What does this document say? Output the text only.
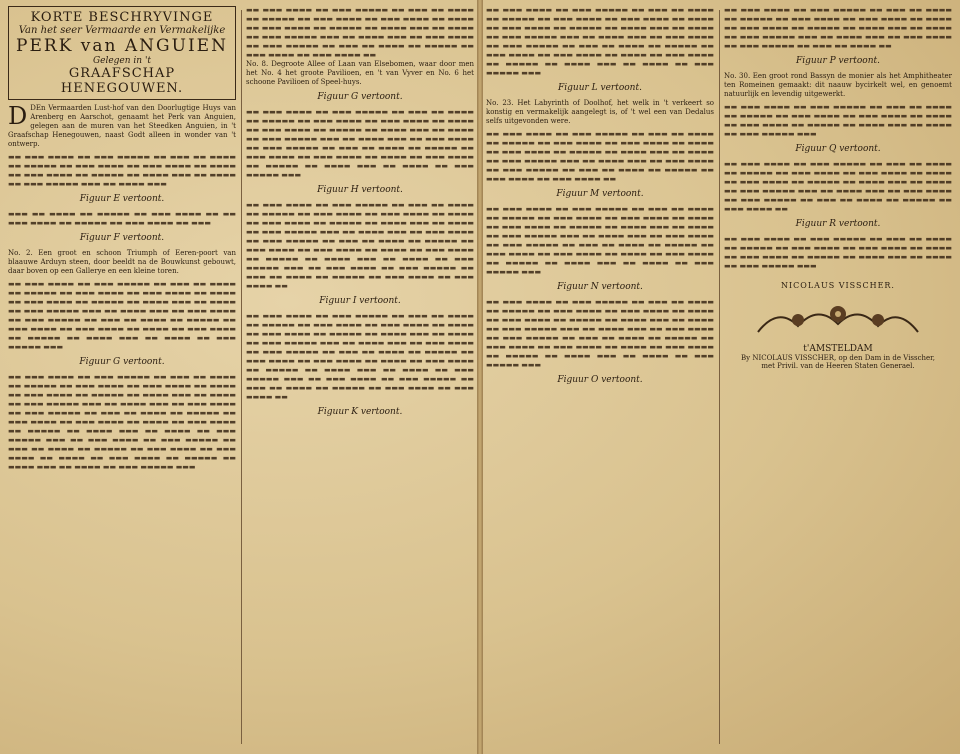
KORTE BESCHRYVINGE
Van het seer Vermaarde en Vermakelijke
PERK van ANGUIEN
Gelegen in 't
GRAAFSCHAP HENEGOUWEN.

D DEn Vermaarden Lust-hof van den Doorlugtige Huys van Arenberg en Aarschot, genaamt het Perk van Anguien, gelegen aan de muren van het Steedken Anguien, in 't Graafschap Henegouwen, naast Godt alleen in wonder van 't ontwerp.

▬▬ ▬▬▬ ▬▬▬▬ ▬▬ ▬▬▬ ▬▬▬▬▬ ▬▬ ▬▬▬ ▬▬ ▬▬▬▬ ▬▬ ▬▬▬▬▬ ▬▬ ▬▬▬ ▬▬▬▬ ▬▬ ▬▬▬ ▬▬▬▬ ▬▬ ▬▬▬▬ ▬▬ ▬▬▬ ▬▬▬▬ ▬▬ ▬▬▬▬▬ ▬▬ ▬▬▬▬ ▬▬▬ ▬▬ ▬▬▬▬ ▬▬ ▬▬▬ ▬▬▬▬▬ ▬▬▬ ▬▬ ▬▬▬▬ ▬▬▬
Figuur E vertoont.
▬▬▬ ▬▬ ▬▬▬▬ ▬▬ ▬▬▬▬▬ ▬▬ ▬▬▬ ▬▬▬▬ ▬▬ ▬▬ ▬▬▬ ▬▬▬▬ ▬▬ ▬▬▬▬▬ ▬▬ ▬▬▬ ▬▬▬▬ ▬▬ ▬▬▬
Figuur F vertoont.

No. 2. Een groot en schoon Triumph of Eeren-poort van blaauwe Arduyn steen, door beeldt na de Bouwkunst gebouwt, daar boven op een Gallerye en een kleine toren.

▬▬ ▬▬▬ ▬▬▬▬ ▬▬ ▬▬▬ ▬▬▬▬▬ ▬▬ ▬▬▬ ▬▬ ▬▬▬▬ ▬▬ ▬▬▬▬▬ ▬▬ ▬▬▬ ▬▬▬▬ ▬▬ ▬▬▬ ▬▬▬▬ ▬▬ ▬▬▬▬ ▬▬ ▬▬▬ ▬▬▬▬ ▬▬ ▬▬▬▬▬ ▬▬ ▬▬▬▬ ▬▬▬ ▬▬ ▬▬▬▬ ▬▬ ▬▬▬ ▬▬▬▬▬ ▬▬▬ ▬▬ ▬▬▬▬ ▬▬▬ ▬▬ ▬▬▬ ▬▬▬▬ ▬▬ ▬▬▬ ▬▬▬▬▬ ▬▬ ▬▬▬ ▬▬ ▬▬▬▬ ▬▬ ▬▬▬▬▬ ▬▬ ▬▬▬ ▬▬▬▬ ▬▬ ▬▬▬ ▬▬▬▬ ▬▬ ▬▬▬▬ ▬▬ ▬▬▬ ▬▬▬▬ ▬▬ ▬▬▬▬▬ ▬▬ ▬▬▬▬ ▬▬▬ ▬▬ ▬▬▬▬ ▬▬ ▬▬▬ ▬▬▬▬▬ ▬▬▬
Figuur G vertoont.
▬▬ ▬▬▬ ▬▬▬▬ ▬▬ ▬▬▬ ▬▬▬▬▬ ▬▬ ▬▬▬ ▬▬ ▬▬▬▬ ▬▬ ▬▬▬▬▬ ▬▬ ▬▬▬ ▬▬▬▬ ▬▬ ▬▬▬ ▬▬▬▬ ▬▬ ▬▬▬▬ ▬▬ ▬▬▬ ▬▬▬▬ ▬▬ ▬▬▬▬▬ ▬▬ ▬▬▬▬ ▬▬▬ ▬▬ ▬▬▬▬ ▬▬ ▬▬▬ ▬▬▬▬▬ ▬▬▬ ▬▬ ▬▬▬▬ ▬▬▬ ▬▬ ▬▬▬ ▬▬▬▬ ▬▬ ▬▬▬ ▬▬▬▬▬ ▬▬ ▬▬▬ ▬▬ ▬▬▬▬ ▬▬ ▬▬▬▬▬ ▬▬ ▬▬▬ ▬▬▬▬ ▬▬ ▬▬▬ ▬▬▬▬ ▬▬ ▬▬▬▬ ▬▬ ▬▬▬ ▬▬▬▬ ▬▬ ▬▬▬▬▬ ▬▬ ▬▬▬▬ ▬▬▬ ▬▬ ▬▬▬▬ ▬▬ ▬▬▬ ▬▬▬▬▬ ▬▬▬ ▬▬ ▬▬▬ ▬▬▬▬ ▬▬ ▬▬▬ ▬▬▬▬▬ ▬▬ ▬▬▬ ▬▬ ▬▬▬▬ ▬▬ ▬▬▬▬▬ ▬▬ ▬▬▬ ▬▬▬▬ ▬▬ ▬▬▬ ▬▬▬▬ ▬▬ ▬▬▬▬ ▬▬ ▬▬▬ ▬▬▬▬ ▬▬ ▬▬▬▬▬ ▬▬ ▬▬▬▬ ▬▬▬ ▬▬ ▬▬▬▬ ▬▬ ▬▬▬ ▬▬▬▬▬ ▬▬▬
▬▬ ▬▬▬ ▬▬▬▬ ▬▬ ▬▬▬ ▬▬▬▬▬ ▬▬ ▬▬▬ ▬▬ ▬▬▬▬ ▬▬ ▬▬▬▬▬ ▬▬ ▬▬▬ ▬▬▬▬ ▬▬ ▬▬▬ ▬▬▬▬ ▬▬ ▬▬▬▬ ▬▬ ▬▬▬ ▬▬▬▬ ▬▬ ▬▬▬▬▬ ▬▬ ▬▬▬▬ ▬▬▬ ▬▬ ▬▬▬▬ ▬▬ ▬▬▬ ▬▬▬▬▬ ▬▬▬ ▬▬ ▬▬▬▬ ▬▬▬ ▬▬ ▬▬▬ ▬▬▬▬ ▬▬ ▬▬▬ ▬▬▬▬▬ ▬▬ ▬▬▬ ▬▬ ▬▬▬▬ ▬▬ ▬▬▬▬▬ ▬▬ ▬▬▬ ▬▬▬▬ ▬▬ ▬▬▬ ▬▬▬▬ ▬▬

No. 8. Degroote Allee of Laan van Elsebomen, waar door men het No. 4 het groote Pavilioen, en 't van Vyver en No. 6 het schoone Pavilioen of Speel-huys.

Figuur G vertoont.
▬▬ ▬▬▬ ▬▬▬▬ ▬▬ ▬▬▬ ▬▬▬▬▬ ▬▬ ▬▬▬ ▬▬ ▬▬▬▬ ▬▬ ▬▬▬▬▬ ▬▬ ▬▬▬ ▬▬▬▬ ▬▬ ▬▬▬ ▬▬▬▬ ▬▬ ▬▬▬▬ ▬▬ ▬▬▬ ▬▬▬▬ ▬▬ ▬▬▬▬▬ ▬▬ ▬▬▬▬ ▬▬▬ ▬▬ ▬▬▬▬ ▬▬ ▬▬▬ ▬▬▬▬▬ ▬▬▬ ▬▬ ▬▬▬▬ ▬▬▬ ▬▬ ▬▬▬ ▬▬▬▬ ▬▬ ▬▬▬ ▬▬▬▬▬ ▬▬ ▬▬▬ ▬▬ ▬▬▬▬ ▬▬ ▬▬▬▬▬ ▬▬ ▬▬▬ ▬▬▬▬ ▬▬ ▬▬▬ ▬▬▬▬ ▬▬ ▬▬▬▬ ▬▬ ▬▬▬ ▬▬▬▬ ▬▬ ▬▬▬▬▬ ▬▬ ▬▬▬▬ ▬▬▬ ▬▬ ▬▬▬▬ ▬▬ ▬▬▬ ▬▬▬▬▬ ▬▬▬
Figuur H vertoont.
▬▬ ▬▬▬ ▬▬▬▬ ▬▬ ▬▬▬ ▬▬▬▬▬ ▬▬ ▬▬▬ ▬▬ ▬▬▬▬ ▬▬ ▬▬▬▬▬ ▬▬ ▬▬▬ ▬▬▬▬ ▬▬ ▬▬▬ ▬▬▬▬ ▬▬ ▬▬▬▬ ▬▬ ▬▬▬ ▬▬▬▬ ▬▬ ▬▬▬▬▬ ▬▬ ▬▬▬▬ ▬▬▬ ▬▬ ▬▬▬▬ ▬▬ ▬▬▬ ▬▬▬▬▬ ▬▬▬ ▬▬ ▬▬▬▬ ▬▬▬ ▬▬ ▬▬▬ ▬▬▬▬ ▬▬ ▬▬▬ ▬▬▬▬▬ ▬▬ ▬▬▬ ▬▬ ▬▬▬▬ ▬▬ ▬▬▬▬▬ ▬▬ ▬▬▬ ▬▬▬▬ ▬▬ ▬▬▬ ▬▬▬▬ ▬▬ ▬▬▬▬ ▬▬ ▬▬▬ ▬▬▬▬ ▬▬ ▬▬▬▬▬ ▬▬ ▬▬▬▬ ▬▬▬ ▬▬ ▬▬▬▬ ▬▬ ▬▬▬ ▬▬▬▬▬ ▬▬▬ ▬▬ ▬▬▬ ▬▬▬▬ ▬▬ ▬▬▬ ▬▬▬▬▬ ▬▬ ▬▬▬ ▬▬ ▬▬▬▬ ▬▬ ▬▬▬▬▬ ▬▬ ▬▬▬ ▬▬▬▬ ▬▬ ▬▬▬ ▬▬▬▬ ▬▬
Figuur I vertoont.
▬▬ ▬▬▬ ▬▬▬▬ ▬▬ ▬▬▬ ▬▬▬▬▬ ▬▬ ▬▬▬ ▬▬ ▬▬▬▬ ▬▬ ▬▬▬▬▬ ▬▬ ▬▬▬ ▬▬▬▬ ▬▬ ▬▬▬ ▬▬▬▬ ▬▬ ▬▬▬▬ ▬▬ ▬▬▬ ▬▬▬▬ ▬▬ ▬▬▬▬▬ ▬▬ ▬▬▬▬ ▬▬▬ ▬▬ ▬▬▬▬ ▬▬ ▬▬▬ ▬▬▬▬▬ ▬▬▬ ▬▬ ▬▬▬▬ ▬▬▬ ▬▬ ▬▬▬ ▬▬▬▬ ▬▬ ▬▬▬ ▬▬▬▬▬ ▬▬ ▬▬▬ ▬▬ ▬▬▬▬ ▬▬ ▬▬▬▬▬ ▬▬ ▬▬▬ ▬▬▬▬ ▬▬ ▬▬▬ ▬▬▬▬ ▬▬ ▬▬▬▬ ▬▬ ▬▬▬ ▬▬▬▬ ▬▬ ▬▬▬▬▬ ▬▬ ▬▬▬▬ ▬▬▬ ▬▬ ▬▬▬▬ ▬▬ ▬▬▬ ▬▬▬▬▬ ▬▬▬ ▬▬ ▬▬▬ ▬▬▬▬ ▬▬ ▬▬▬ ▬▬▬▬▬ ▬▬ ▬▬▬ ▬▬ ▬▬▬▬ ▬▬ ▬▬▬▬▬ ▬▬ ▬▬▬ ▬▬▬▬ ▬▬ ▬▬▬ ▬▬▬▬ ▬▬
Figuur K vertoont.
▬▬ ▬▬▬ ▬▬▬▬ ▬▬ ▬▬▬ ▬▬▬▬▬ ▬▬ ▬▬▬ ▬▬ ▬▬▬▬ ▬▬ ▬▬▬▬▬ ▬▬ ▬▬▬ ▬▬▬▬ ▬▬ ▬▬▬ ▬▬▬▬ ▬▬ ▬▬▬▬ ▬▬ ▬▬▬ ▬▬▬▬ ▬▬ ▬▬▬▬▬ ▬▬ ▬▬▬▬ ▬▬▬ ▬▬ ▬▬▬▬ ▬▬ ▬▬▬ ▬▬▬▬▬ ▬▬▬ ▬▬ ▬▬▬▬ ▬▬▬ ▬▬ ▬▬▬ ▬▬▬▬ ▬▬ ▬▬▬ ▬▬▬▬▬ ▬▬ ▬▬▬ ▬▬ ▬▬▬▬ ▬▬ ▬▬▬▬▬ ▬▬ ▬▬▬ ▬▬▬▬ ▬▬ ▬▬▬ ▬▬▬▬ ▬▬ ▬▬▬▬ ▬▬ ▬▬▬ ▬▬▬▬ ▬▬ ▬▬▬▬▬ ▬▬ ▬▬▬▬ ▬▬▬ ▬▬ ▬▬▬▬ ▬▬ ▬▬▬ ▬▬▬▬▬ ▬▬▬
Figuur L vertoont.

No. 23. Het Labyrinth of Doolhof, het welk in 't verkeert so konstig en vermakelijk aangelegt is, of 't wel een van Dedalus selfs uitgevonden were.

▬▬ ▬▬▬ ▬▬▬▬ ▬▬ ▬▬▬ ▬▬▬▬▬ ▬▬ ▬▬▬ ▬▬ ▬▬▬▬ ▬▬ ▬▬▬▬▬ ▬▬ ▬▬▬ ▬▬▬▬ ▬▬ ▬▬▬ ▬▬▬▬ ▬▬ ▬▬▬▬ ▬▬ ▬▬▬ ▬▬▬▬ ▬▬ ▬▬▬▬▬ ▬▬ ▬▬▬▬ ▬▬▬ ▬▬ ▬▬▬▬ ▬▬ ▬▬▬ ▬▬▬▬▬ ▬▬▬ ▬▬ ▬▬▬▬ ▬▬▬ ▬▬ ▬▬▬ ▬▬▬▬ ▬▬ ▬▬▬ ▬▬▬▬▬ ▬▬ ▬▬▬ ▬▬ ▬▬▬▬ ▬▬ ▬▬▬▬▬ ▬▬ ▬▬▬ ▬▬▬▬ ▬▬ ▬▬▬ ▬▬▬▬ ▬▬
Figuur M vertoont.
▬▬ ▬▬▬ ▬▬▬▬ ▬▬ ▬▬▬ ▬▬▬▬▬ ▬▬ ▬▬▬ ▬▬ ▬▬▬▬ ▬▬ ▬▬▬▬▬ ▬▬ ▬▬▬ ▬▬▬▬ ▬▬ ▬▬▬ ▬▬▬▬ ▬▬ ▬▬▬▬ ▬▬ ▬▬▬ ▬▬▬▬ ▬▬ ▬▬▬▬▬ ▬▬ ▬▬▬▬ ▬▬▬ ▬▬ ▬▬▬▬ ▬▬ ▬▬▬ ▬▬▬▬▬ ▬▬▬ ▬▬ ▬▬▬▬ ▬▬▬ ▬▬ ▬▬▬ ▬▬▬▬ ▬▬ ▬▬▬ ▬▬▬▬▬ ▬▬ ▬▬▬ ▬▬ ▬▬▬▬ ▬▬ ▬▬▬▬▬ ▬▬ ▬▬▬ ▬▬▬▬ ▬▬ ▬▬▬ ▬▬▬▬ ▬▬ ▬▬▬▬ ▬▬ ▬▬▬ ▬▬▬▬ ▬▬ ▬▬▬▬▬ ▬▬ ▬▬▬▬ ▬▬▬ ▬▬ ▬▬▬▬ ▬▬ ▬▬▬ ▬▬▬▬▬ ▬▬▬
Figuur N vertoont.
▬▬ ▬▬▬ ▬▬▬▬ ▬▬ ▬▬▬ ▬▬▬▬▬ ▬▬ ▬▬▬ ▬▬ ▬▬▬▬ ▬▬ ▬▬▬▬▬ ▬▬ ▬▬▬ ▬▬▬▬ ▬▬ ▬▬▬ ▬▬▬▬ ▬▬ ▬▬▬▬ ▬▬ ▬▬▬ ▬▬▬▬ ▬▬ ▬▬▬▬▬ ▬▬ ▬▬▬▬ ▬▬▬ ▬▬ ▬▬▬▬ ▬▬ ▬▬▬ ▬▬▬▬▬ ▬▬▬ ▬▬ ▬▬▬▬ ▬▬▬ ▬▬ ▬▬▬ ▬▬▬▬ ▬▬ ▬▬▬ ▬▬▬▬▬ ▬▬ ▬▬▬ ▬▬ ▬▬▬▬ ▬▬ ▬▬▬▬▬ ▬▬ ▬▬▬ ▬▬▬▬ ▬▬ ▬▬▬ ▬▬▬▬ ▬▬ ▬▬▬▬ ▬▬ ▬▬▬ ▬▬▬▬ ▬▬ ▬▬▬▬▬ ▬▬ ▬▬▬▬ ▬▬▬ ▬▬ ▬▬▬▬ ▬▬ ▬▬▬ ▬▬▬▬▬ ▬▬▬
Figuur O vertoont.
▬▬ ▬▬▬ ▬▬▬▬ ▬▬ ▬▬▬ ▬▬▬▬▬ ▬▬ ▬▬▬ ▬▬ ▬▬▬▬ ▬▬ ▬▬▬▬▬ ▬▬ ▬▬▬ ▬▬▬▬ ▬▬ ▬▬▬ ▬▬▬▬ ▬▬ ▬▬▬▬ ▬▬ ▬▬▬ ▬▬▬▬ ▬▬ ▬▬▬▬▬ ▬▬ ▬▬▬▬ ▬▬▬ ▬▬ ▬▬▬▬ ▬▬ ▬▬▬ ▬▬▬▬▬ ▬▬▬ ▬▬ ▬▬▬▬ ▬▬▬ ▬▬ ▬▬▬ ▬▬▬▬ ▬▬ ▬▬▬ ▬▬▬▬▬ ▬▬ ▬▬▬ ▬▬ ▬▬▬▬ ▬▬
Figuur P vertoont.

No. 30. Een groot rond Bassyn de monier als het Amphitheater ten Romeinen gemaakt: dit naauw bycirkelt wel, en genoemt natuurlijk en levendig uitgewerkt.

▬▬ ▬▬▬ ▬▬▬▬ ▬▬ ▬▬▬ ▬▬▬▬▬ ▬▬ ▬▬▬ ▬▬ ▬▬▬▬ ▬▬ ▬▬▬▬▬ ▬▬ ▬▬▬ ▬▬▬▬ ▬▬ ▬▬▬ ▬▬▬▬ ▬▬ ▬▬▬▬ ▬▬ ▬▬▬ ▬▬▬▬ ▬▬ ▬▬▬▬▬ ▬▬ ▬▬▬▬ ▬▬▬ ▬▬ ▬▬▬▬ ▬▬ ▬▬▬ ▬▬▬▬▬ ▬▬▬
Figuur Q vertoont.
▬▬ ▬▬▬ ▬▬▬▬ ▬▬ ▬▬▬ ▬▬▬▬▬ ▬▬ ▬▬▬ ▬▬ ▬▬▬▬ ▬▬ ▬▬▬▬▬ ▬▬ ▬▬▬ ▬▬▬▬ ▬▬ ▬▬▬ ▬▬▬▬ ▬▬ ▬▬▬▬ ▬▬ ▬▬▬ ▬▬▬▬ ▬▬ ▬▬▬▬▬ ▬▬ ▬▬▬▬ ▬▬▬ ▬▬ ▬▬▬▬ ▬▬ ▬▬▬ ▬▬▬▬▬ ▬▬▬ ▬▬ ▬▬▬▬ ▬▬▬ ▬▬ ▬▬▬ ▬▬▬▬ ▬▬ ▬▬▬ ▬▬▬▬▬ ▬▬ ▬▬▬ ▬▬ ▬▬▬▬ ▬▬ ▬▬▬▬▬ ▬▬ ▬▬▬ ▬▬▬▬ ▬▬
Figuur R vertoont.
▬▬ ▬▬▬ ▬▬▬▬ ▬▬ ▬▬▬ ▬▬▬▬▬ ▬▬ ▬▬▬ ▬▬ ▬▬▬▬ ▬▬ ▬▬▬▬▬ ▬▬ ▬▬▬ ▬▬▬▬ ▬▬ ▬▬▬ ▬▬▬▬ ▬▬ ▬▬▬▬ ▬▬ ▬▬▬ ▬▬▬▬ ▬▬ ▬▬▬▬▬ ▬▬ ▬▬▬▬ ▬▬▬ ▬▬ ▬▬▬▬ ▬▬ ▬▬▬ ▬▬▬▬▬ ▬▬▬
NICOLAUS VISSCHER.
t'AMSTELDAM
By NICOLAUS VISSCHER, op den Dam in de Visscher,
met Privil. van de Heeren Staten Generael.
